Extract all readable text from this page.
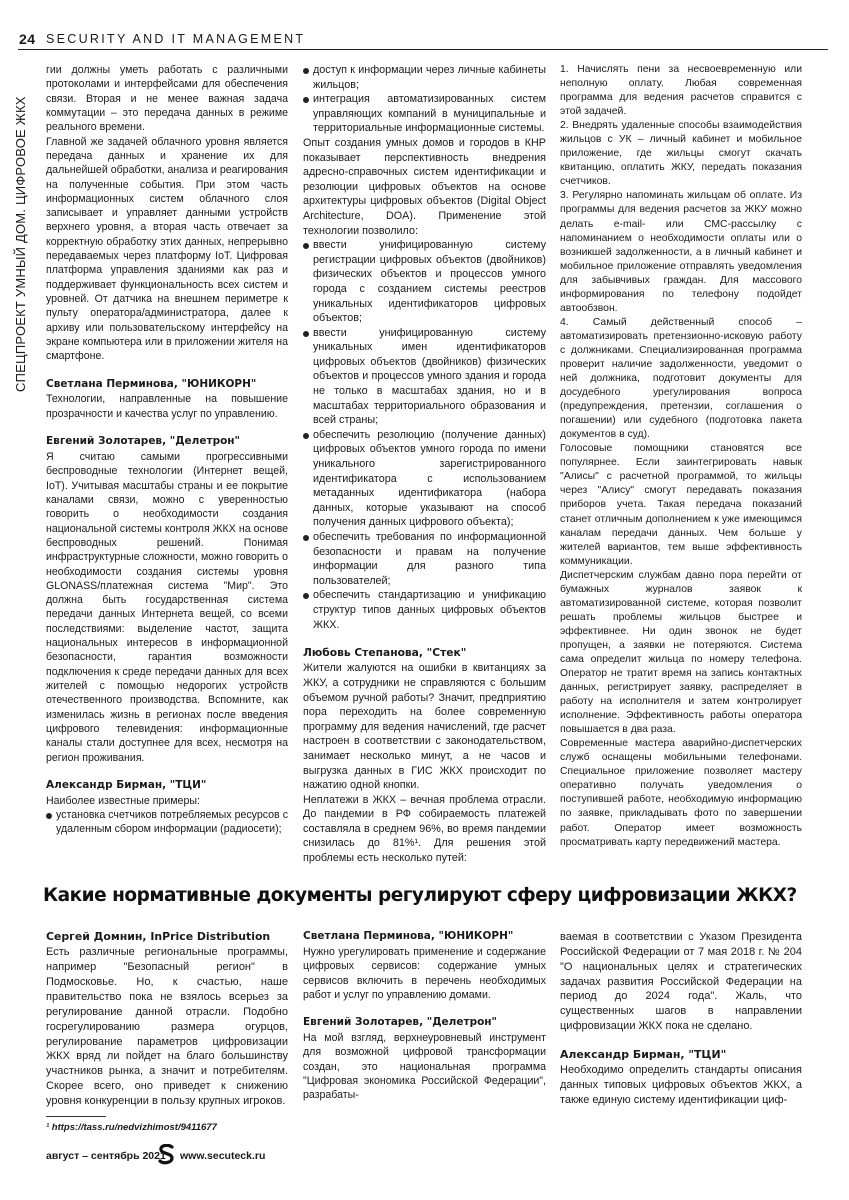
24 SECURITY AND IT MANAGEMENT
СПЕЦПРОЕКТ УМНЫЙ ДОМ. ЦИФРОВОЕ ЖКХ

гии должны уметь работать с различными протоколами и интерфейсами для обеспечения связи. Вторая и не менее важная задача коммутации – это передача данных в режиме реального времени.

Главной же задачей облачного уровня является передача данных и хранение их для дальнейшей обработки, анализа и реагирования на полученные события. При этом часть информационных систем облачного слоя записывает и управляет данными устройств верхнего уровня, а вторая часть отвечает за корректную обработку этих данных, непрерывно передаваемых через платформу IoT. Цифровая платформа управления зданиями как раз и поддерживает функциональность всех систем и уровней. От датчика на внешнем периметре к пульту оператора/администратора, далее к архиву или пользовательскому интерфейсу на экране компьютера или в приложении жителя на смартфоне.

Светлана Перминова, "ЮНИКОРН"

Технологии, направленные на повышение прозрачности и качества услуг по управлению.

Евгений Золотарев, "Делетрон"

Я считаю самыми прогрессивными беспроводные технологии (Интернет вещей, IoT). Учитывая масштабы страны и ее покрытие каналами связи, можно с уверенностью говорить о необходимости создания национальной системы контроля ЖКХ на основе беспроводных решений. Понимая инфраструктурные сложности, можно говорить о необходимости создания системы уровня GLONASS/платежная система "Мир". Это должна быть государственная система передачи данных Интернета вещей, со всеми последствиями: выделение частот, защита национальных интересов в информационной безопасности, гарантия возможности подключения к среде передачи данных для всех жителей с помощью недорогих устройств отечественного производства. Вспомните, как изменилась жизнь в регионах после введения цифрового телевидения: информационные каналы стали доступнее для всех, несмотря на регион проживания.

Александр Бирман, "ТЦИ"

Наиболее известные примеры:

установка счетчиков потребляемых ресурсов с удаленным сбором информации (радиосети);
доступ к информации через личные кабинеты жильцов;
интеграция автоматизированных систем управляющих компаний в муниципальные и территориальные информационные системы.

Опыт создания умных домов и городов в КНР показывает перспективность внедрения адресно-справочных систем идентификации и резолюции цифровых объектов на основе архитектуры цифровых объектов (Digital Object Architecture, DOA). Применение этой технологии позволило:

ввести унифицированную систему регистрации цифровых объектов (двойников) физических объектов и процессов умного города с созданием системы реестров уникальных идентификаторов цифровых объектов;
ввести унифицированную систему уникальных имен идентификаторов цифровых объектов (двойников) физических объектов и процессов умного здания и города не только в масштабах здания, но и в масштабах территориального образования и всей страны;
обеспечить резолюцию (получение данных) цифровых объектов умного города по имени уникального зарегистрированного идентификатора с использованием метаданных идентификатора (набора данных, которые указывают на способ получения данных цифрового объекта);
обеспечить требования по информационной безопасности и правам на получение информации для разного типа пользователей;
обеспечить стандартизацию и унификацию структур типов данных цифровых объектов ЖКХ.
Любовь Степанова, "Стек"

Жители жалуются на ошибки в квитанциях за ЖКУ, а сотрудники не справляются с большим объемом ручной работы? Значит, предприятию пора переходить на более современную программу для ведения начислений, где расчет настроен в соответствии с законодательством, занимает несколько минут, а не часов и выгрузка данных в ГИС ЖКХ происходит по нажатию одной кнопки.

Неплатежи в ЖКХ – вечная проблема отрасли. До пандемии в РФ собираемость платежей составляла в среднем 96%, во время пандемии снизилась до 81%¹. Для решения этой проблемы есть несколько путей:

1. Начислять пени за несвоевременную или неполную оплату. Любая современная программа для ведения расчетов справится с этой задачей.

2. Внедрять удаленные способы взаимодействия жильцов с УК – личный кабинет и мобильное приложение, где жильцы смогут скачать квитанцию, оплатить ЖКУ, передать показания счетчиков.

3. Регулярно напоминать жильцам об оплате. Из программы для ведения расчетов за ЖКУ можно делать e-mail- или СМС-рассылку с напоминанием о необходимости оплаты или о возникшей задолженности, а в личный кабинет и мобильное приложение отправлять уведомления для забывчивых граждан. Для массового информирования по телефону подойдет автообзвон.

4. Самый действенный способ – автоматизировать претензионно-исковую работу с должниками. Специализированная программа проверит наличие задолженности, уведомит о ней должника, подготовит документы для досудебного урегулирования вопроса (предупреждения, претензии, соглашения о погашении) или судебного (подготовка пакета документов в суд).

Голосовые помощники становятся все популярнее. Если заинтегрировать навык "Алисы" с расчетной программой, то жильцы через "Алису" смогут передавать показания приборов учета. Такая передача показаний станет отличным дополнением к уже имеющимся каналам передачи данных. Чем больше у жителей вариантов, тем выше эффективность коммуникации.

Диспетчерским службам давно пора перейти от бумажных журналов заявок к автоматизированной системе, которая позволит решать проблемы жильцов быстрее и эффективнее. Ни один звонок не будет пропущен, а заявки не потеряются. Система сама определит жильца по номеру телефона. Оператор не тратит время на запись контактных данных, регистрирует заявку, распределяет в работу на исполнителя и затем контролирует исполнение. Эффективность работы оператора повышается в два раза.

Современные мастера аварийно-диспетчерских служб оснащены мобильными телефонами. Специальное приложение позволяет мастеру оперативно получать уведомления о поступившей работе, необходимую информацию по заявке, прикладывать фото по завершении работ. Оператор имеет возможность просматривать карту передвижений мастера.

Какие нормативные документы регулируют сферу цифровизации ЖКХ?
Сергей Домнин, InPrice Distribution

Есть различные региональные программы, например "Безопасный регион" в Подмосковье. Но, к счастью, наше правительство пока не взялось всерьез за регулирование данной отрасли. Подобно госрегулированию размера огурцов, регулирование параметров цифровизации ЖКХ вряд ли пойдет на благо большинству участников рынка, а значит и потребителям. Скорее всего, оно приведет к снижению уровня конкуренции в пользу крупных игроков.

Светлана Перминова, "ЮНИКОРН"

Нужно урегулировать применение и содержание цифровых сервисов: содержание умных сервисов включить в перечень необходимых работ и услуг по управлению домами.

Евгений Золотарев, "Делетрон"

На мой взгляд, верхнеуровневый инструмент для возможной цифровой трансформации создан, это национальная программа "Цифровая экономика Российской Федерации", разрабаты-

ваемая в соответствии с Указом Президента Российской Федерации от 7 мая 2018 г. № 204 "О национальных целях и стратегических задачах развития Российской Федерации на период до 2024 года". Жаль, что существенных шагов в направлении цифровизации ЖКХ пока не сделано.

Александр Бирман, "ТЦИ"

Необходимо определить стандарты описания данных типовых цифровых объектов ЖКХ, а также единую систему идентификации циф-

¹ https://tass.ru/nedvizhimost/9411677
август – сентябрь 2021 www.secuteck.ru
